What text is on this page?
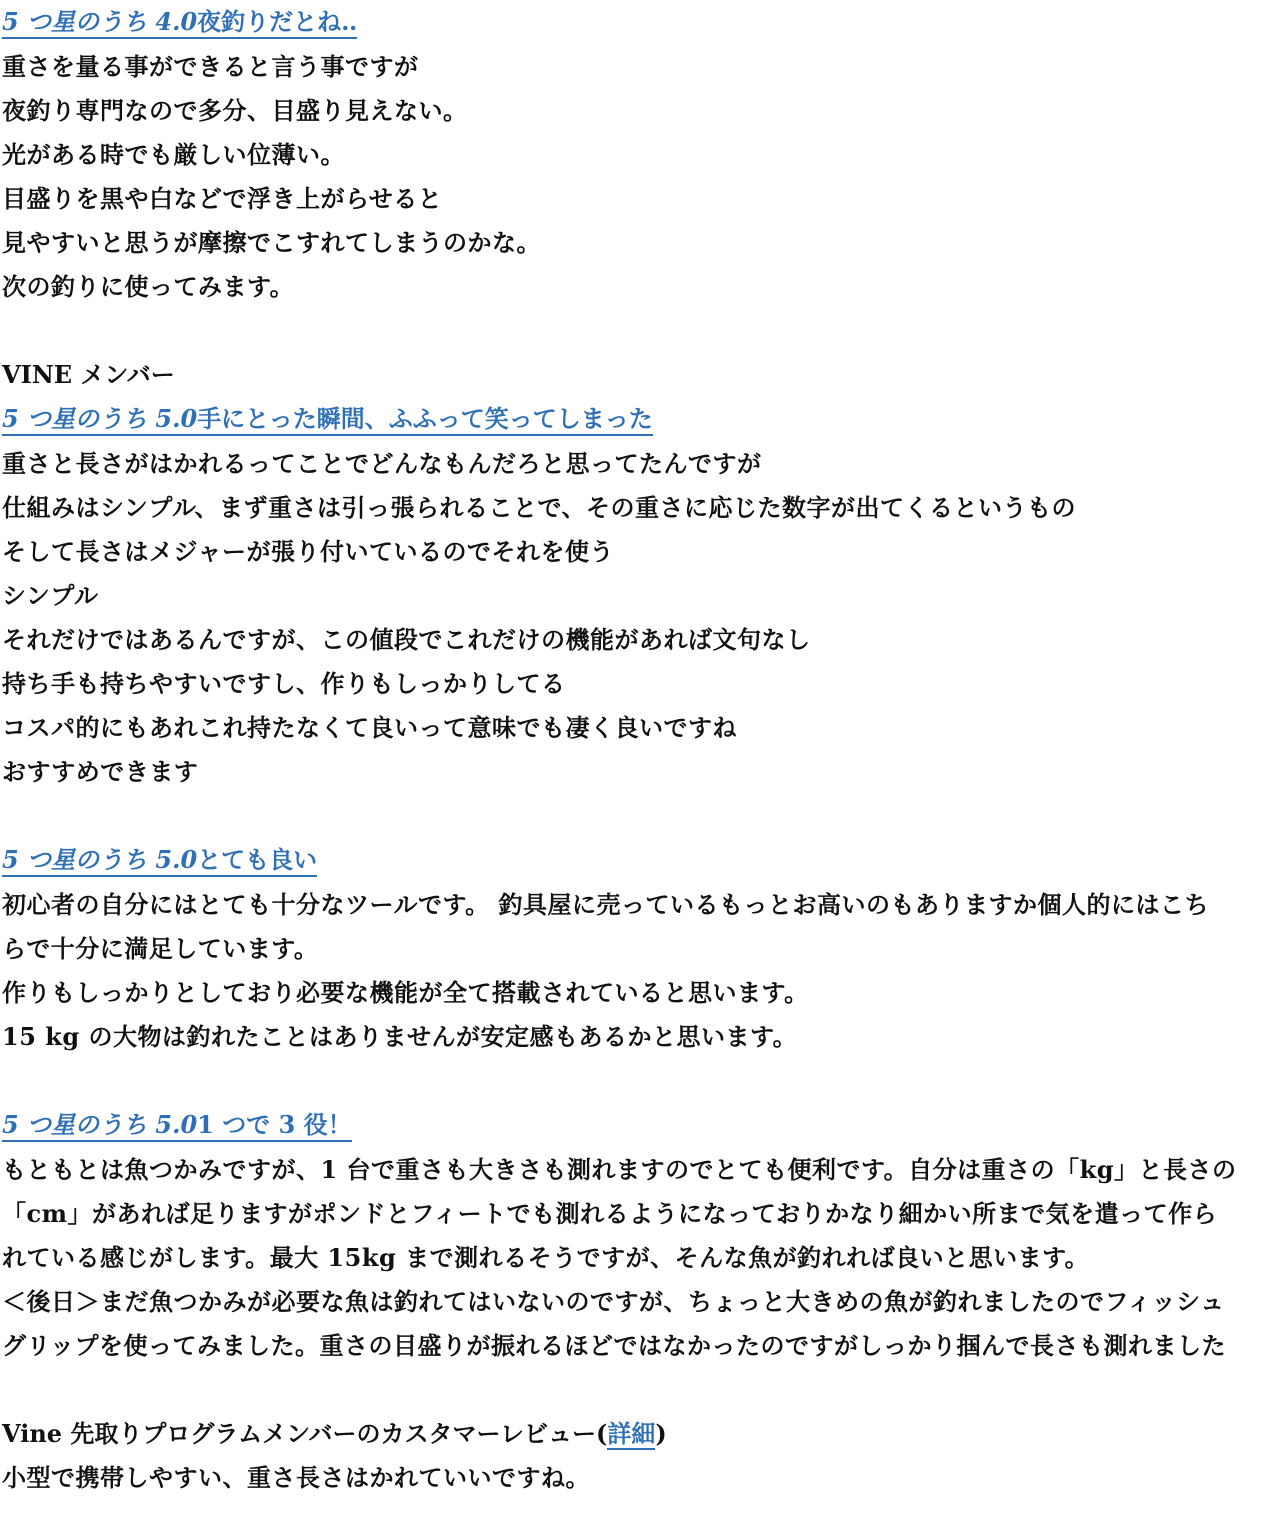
5 つ星のうち 4.0夜釣りだとね‥
重さを量る事ができると言う事ですが
夜釣り専門なので多分、目盛り見えない。
光がある時でも厳しい位薄い。
目盛りを黒や白などで浮き上がらせると
見やすいと思うが摩擦でこすれてしまうのかな。
次の釣りに使ってみます。
VINE メンバー
5 つ星のうち 5.0手にとった瞬間、ふふって笑ってしまった
重さと長さがはかれるってことでどんなもんだろと思ってたんですが
仕組みはシンプル、まず重さは引っ張られることで、その重さに応じた数字が出てくるというもの
そして長さはメジャーが張り付いているのでそれを使う
シンプル
それだけではあるんですが、この値段でこれだけの機能があれば文句なし
持ち手も持ちやすいですし、作りもしっかりしてる
コスパ的にもあれこれ持たなくて良いって意味でも凄く良いですね
おすすめできます
5 つ星のうち 5.0とても良い
初心者の自分にはとても十分なツールです。 釣具屋に売っているもっとお高いのもありますか個人的にはこち
らで十分に満足しています。
作りもしっかりとしており必要な機能が全て搭載されていると思います。
15 kg の大物は釣れたことはありませんが安定感もあるかと思います。
5 つ星のうち 5.01 つで 3 役！
もともとは魚つかみですが、1 台で重さも大きさも測れますのでとても便利です。自分は重さの「kg」と長さの
「cm」があれば足りますがポンドとフィートでも測れるようになっておりかなり細かい所まで気を遣って作ら
れている感じがします。最大 15kg まで測れるそうですが、そんな魚が釣れれば良いと思います。
＜後日＞まだ魚つかみが必要な魚は釣れてはいないのですが、ちょっと大きめの魚が釣れましたのでフィッシュ
グリップを使ってみました。重さの目盛りが振れるほどではなかったのですがしっかり掴んで長さも測れました
Vine 先取りプログラムメンバーのカスタマーレビュー(詳細)
小型で携帯しやすい、重さ長さはかれていいですね。
